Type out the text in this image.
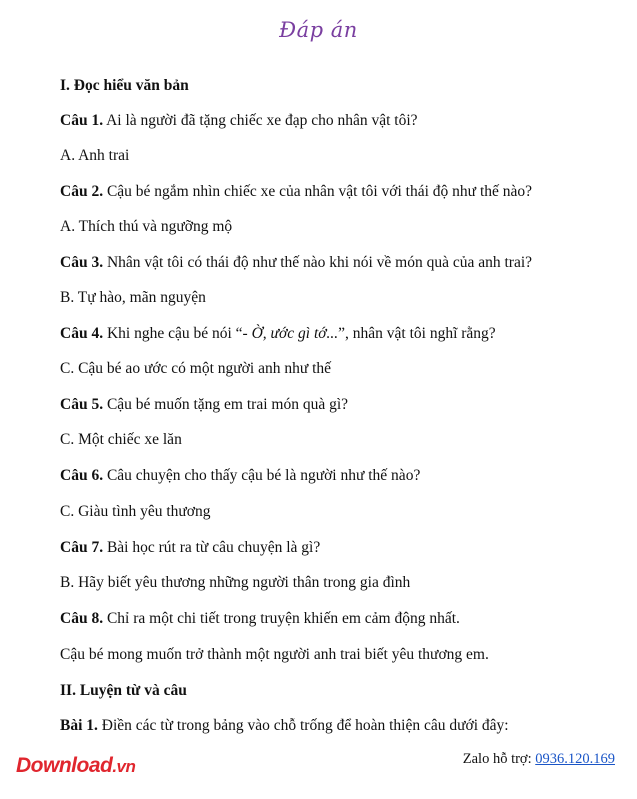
Đáp án
I. Đọc hiểu văn bản
Câu 1. Ai là người đã tặng chiếc xe đạp cho nhân vật tôi?
A. Anh trai
Câu 2. Cậu bé ngắm nhìn chiếc xe của nhân vật tôi với thái độ như thế nào?
A. Thích thú và ngưỡng mộ
Câu 3. Nhân vật tôi có thái độ như thế nào khi nói về món quà của anh trai?
B. Tự hào, mãn nguyện
Câu 4. Khi nghe cậu bé nói “- Ờ, ước gì tớ...”, nhân vật tôi nghĩ rằng?
C. Cậu bé ao ước có một người anh như thế
Câu 5. Cậu bé muốn tặng em trai món quà gì?
C. Một chiếc xe lăn
Câu 6. Câu chuyện cho thấy cậu bé là người như thế nào?
C. Giàu tình yêu thương
Câu 7. Bài học rút ra từ câu chuyện là gì?
B. Hãy biết yêu thương những người thân trong gia đình
Câu 8. Chỉ ra một chi tiết trong truyện khiến em cảm động nhất.
Cậu bé mong muốn trở thành một người anh trai biết yêu thương em.
II. Luyện từ và câu
Bài 1. Điền các từ trong bảng vào chỗ trống để hoàn thiện câu dưới đây:
Download.vn	Zalo hỗ trợ: 0936.120.169
